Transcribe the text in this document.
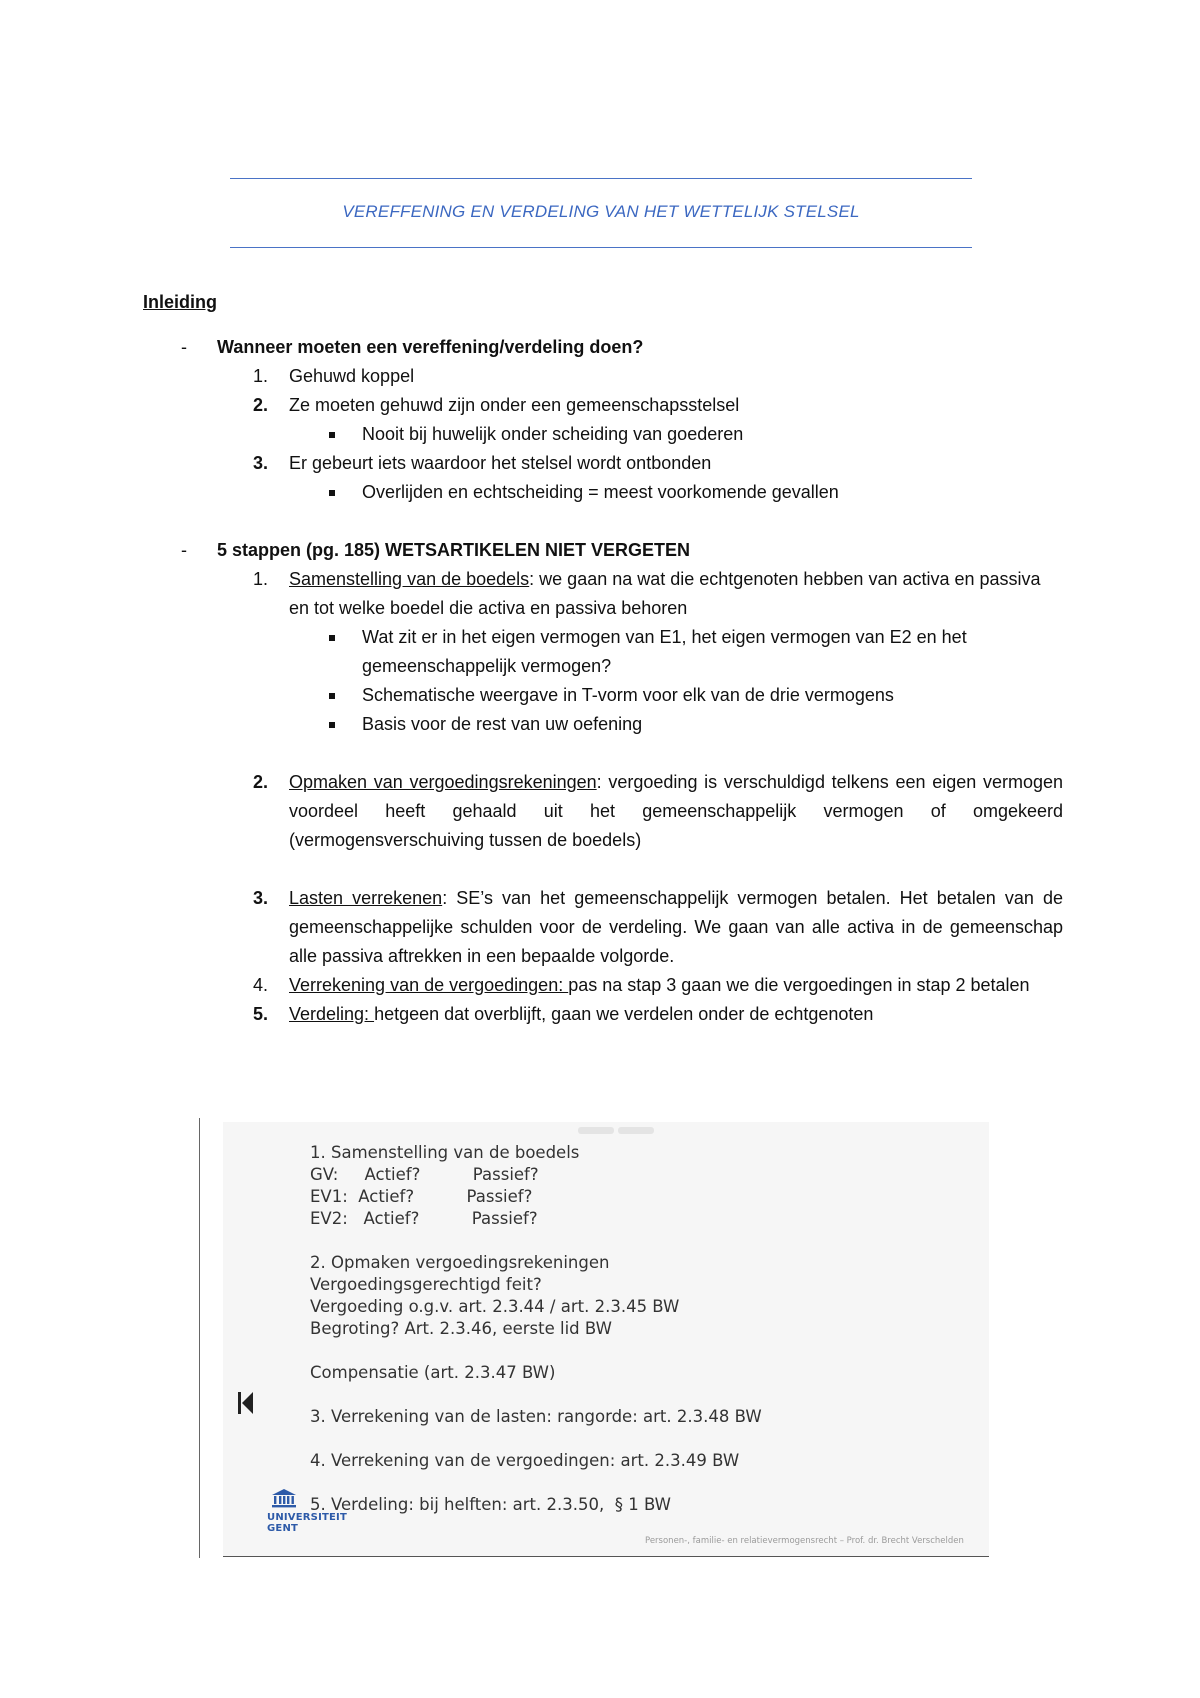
VEREFFENING EN VERDELING VAN HET WETTELIJK STELSEL
Inleiding
- Wanneer moeten een vereffening/verdeling doen?
1. Gehuwd koppel
2. Ze moeten gehuwd zijn onder een gemeenschapsstelsel
Nooit bij huwelijk onder scheiding van goederen
3. Er gebeurt iets waardoor het stelsel wordt ontbonden
Overlijden en echtscheiding = meest voorkomende gevallen
- 5 stappen (pg. 185) WETSARTIKELEN NIET VERGETEN
1. Samenstelling van de boedels: we gaan na wat die echtgenoten hebben van activa en passiva en tot welke boedel die activa en passiva behoren
Wat zit er in het eigen vermogen van E1, het eigen vermogen van E2 en het gemeenschappelijk vermogen?
Schematische weergave in T-vorm voor elk van de drie vermogens
Basis voor de rest van uw oefening
2. Opmaken van vergoedingsrekeningen: vergoeding is verschuldigd telkens een eigen vermogen voordeel heeft gehaald uit het gemeenschappelijk vermogen of omgekeerd (vermogensverschuiving tussen de boedels)
3. Lasten verrekenen: SE’s van het gemeenschappelijk vermogen betalen. Het betalen van de gemeenschappelijke schulden voor de verdeling. We gaan van alle activa in de gemeenschap alle passiva aftrekken in een bepaalde volgorde.
4. Verrekening van de vergoedingen: pas na stap 3 gaan we die vergoedingen in stap 2 betalen
5. Verdeling: hetgeen dat overblijft, gaan we verdelen onder de echtgenoten
1. Samenstelling van de boedels
GV:     Actief?          Passief?
EV1:  Actief?          Passief?
EV2:   Actief?          Passief?
2. Opmaken vergoedingsrekeningen
Vergoedingsgerechtigd feit?
Vergoeding o.g.v. art. 2.3.44 / art. 2.3.45 BW
Begroting? Art. 2.3.46, eerste lid BW
Compensatie (art. 2.3.47 BW)
3. Verrekening van de lasten: rangorde: art. 2.3.48 BW
4. Verrekening van de vergoedingen: art. 2.3.49 BW
5. Verdeling: bij helften: art. 2.3.50,  § 1 BW
UNIVERSITEIT
GENT
Personen-, familie- en relatievermogensrecht – Prof. dr. Brecht Verschelden
